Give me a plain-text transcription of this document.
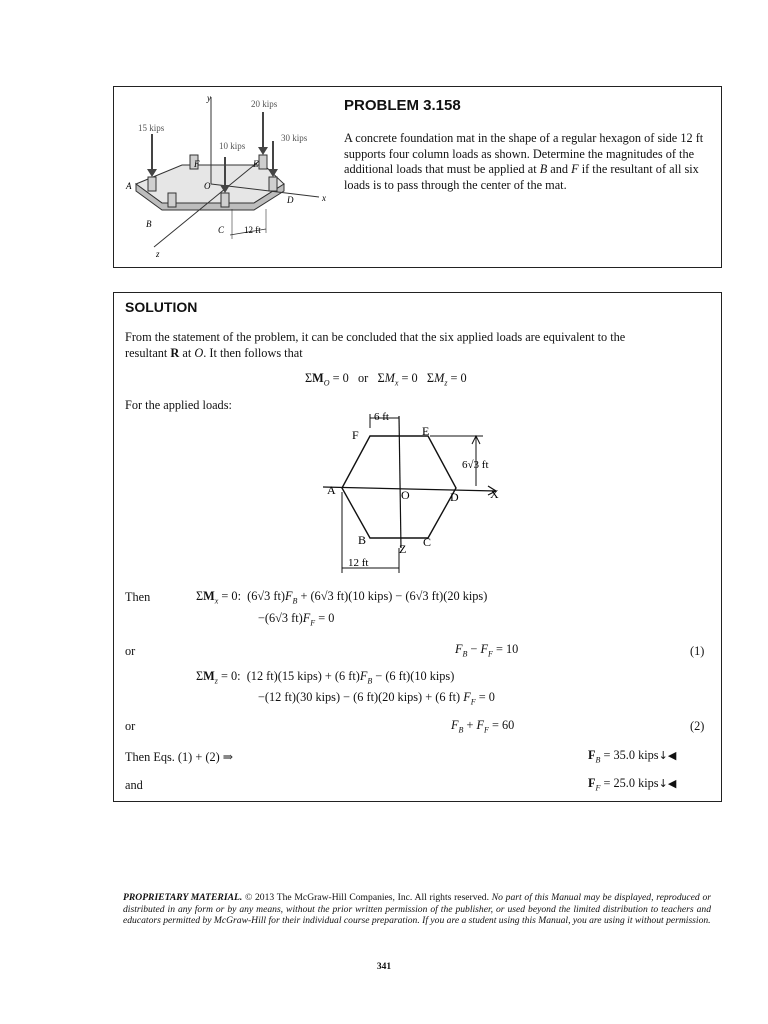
15 kips
10 kips
20 kips
30 kips
y
x
z
A
B
C
D
E
F
O
12 ft
PROBLEM 3.158
A concrete foundation mat in the shape of a regular hexagon of side 12 ft supports four column loads as shown. Determine the magnitudes of the additional loads that must be applied at B and F if the resultant of all six loads is to pass through the center of the mat.
SOLUTION
From the statement of the problem, it can be concluded that the six applied loads are equivalent to the
resultant R at O. It then follows that
$\Sigma M_O = 0$   or   $\Sigma M_x = 0$   $\Sigma M_z = 0$
For the applied loads:
F	E
A	O	D	X
B	C
Z
6 ft
6√3 ft
12 ft
Then	$\Sigma M_x = 0$:  (6√3 $ft)F_B + (6√3$ ft)(10 kips) − (6√3 ft)(20 kips)
−(6√3 $ft)F_F = 0$
or	$F_B - F_F = 10$	(1)
$\Sigma M_z = 0$:  (12 ft)(15 kips) + (6 $ft)F_B - (6$ ft)(10 kips)
−(12 ft)(30 kips) − (6 ft)(20 kips) + (6 ft) $F_F = 0$
or	$F_B + F_F = 60$	(2)
Then Eqs. (1) + (2) ⇒	$F_B = 35.0$ kips↓◀
and	$F_F = 25.0$ kips↓◀
PROPRIETARY MATERIAL. © 2013 The McGraw-Hill Companies, Inc. All rights reserved. No part of this Manual may be displayed, reproduced or distributed in any form or by any means, without the prior written permission of the publisher, or used beyond the limited distribution to teachers and educators permitted by McGraw-Hill for their individual course preparation. If you are a student using this Manual, you are using it without permission.
341
